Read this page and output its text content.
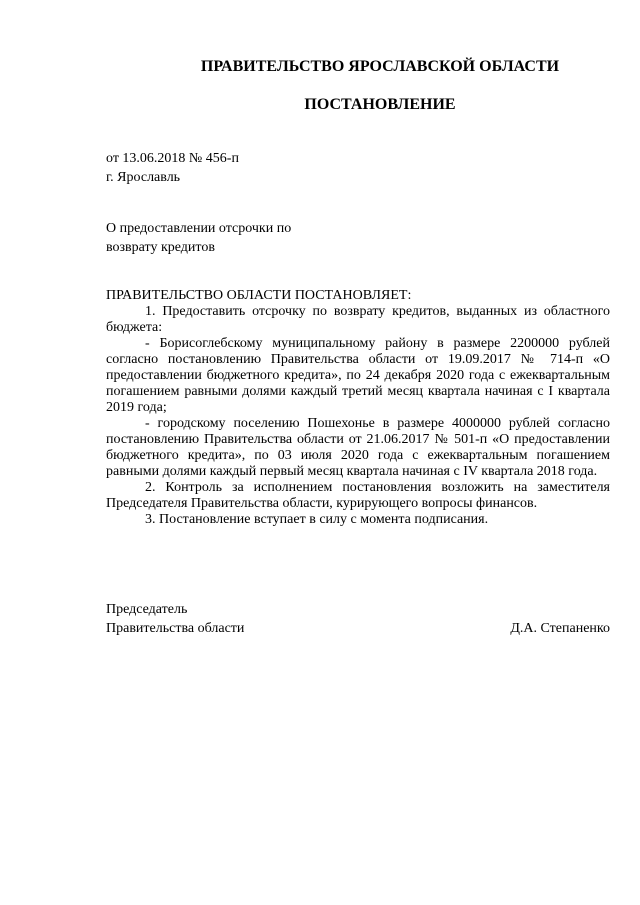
ПРАВИТЕЛЬСТВО ЯРОСЛАВСКОЙ ОБЛАСТИ
ПОСТАНОВЛЕНИЕ
от 13.06.2018 № 456-п
г. Ярославль
О предоставлении отсрочки по
возврату кредитов

ПРАВИТЕЛЬСТВО ОБЛАСТИ ПОСТАНОВЛЯЕТ:

1. Предоставить отсрочку по возврату кредитов, выданных из областного бюджета:

- Борисоглебскому муниципальному району в размере 2200000 рублей согласно постановлению Правительства области от 19.09.2017 № 714-п «О предоставлении бюджетного кредита», по 24 декабря 2020 года с ежеквартальным погашением равными долями каждый третий месяц квартала начиная с I квартала 2019 года;

- городскому поселению Пошехонье в размере 4000000 рублей согласно постановлению Правительства области от 21.06.2017 № 501-п «О предоставлении бюджетного кредита», по 03 июля 2020 года с ежеквартальным погашением равными долями каждый первый месяц квартала начиная с IV квартала 2018 года.

2. Контроль за исполнением постановления возложить на заместителя Председателя Правительства области, курирующего вопросы финансов.

3. Постановление вступает в силу с момента подписания.

Председатель
Правительства области	Д.А. Степаненко
